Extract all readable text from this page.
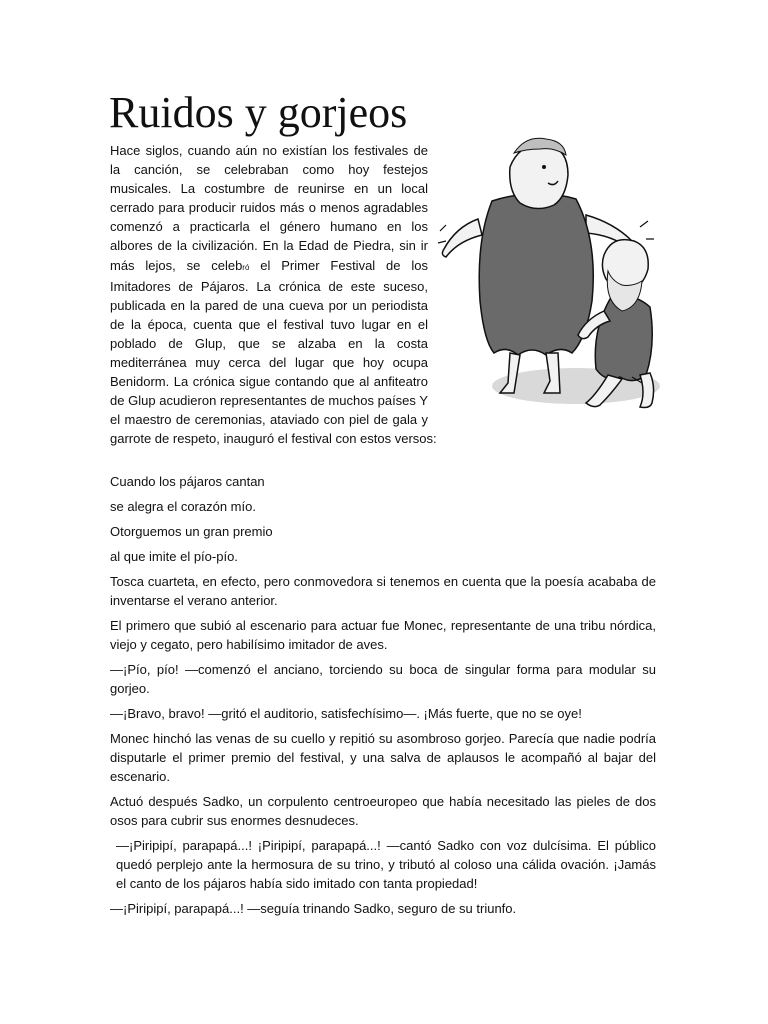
Ruidos y gorjeos

Hace siglos, cuando aún no existían los festivales de la canción, se celebraban como hoy festejos musicales. La costumbre de reunirse en un local cerrado para producir ruidos más o menos agradables comenzó a practicarla el género humano en los albores de la civilización. En la Edad de Piedra, sin ir más lejos, se celebró el Primer Festival de los Imitadores de Pájaros. La crónica de este suceso, publicada en la pared de una cueva por un periodista de la época, cuenta que el festival tuvo lugar en el poblado de Glup, que se alzaba en la costa mediterránea muy cerca del lugar que hoy ocupa Benidorm. La crónica sigue contando que al anfiteatro de Glup acudieron representantes de muchos países Y el maestro de ceremonias, ataviado con piel de gala y garrote de respeto, inauguró el festival con estos versos:

Cuando los pájaros cantan

se alegra el corazón mío.

Otorguemos un gran premio

al que imite el pío-pío.

Tosca cuarteta, en efecto, pero conmovedora si tenemos en cuenta que la poesía acababa de inventarse el verano anterior.

El primero que subió al escenario para actuar fue Monec, representante de una tribu nórdica, viejo y cegato, pero habilísimo imitador de aves.

—¡Pío, pío! —comenzó el anciano, torciendo su boca de singular forma para modular su gorjeo.

—¡Bravo, bravo! —gritó el auditorio, satisfechísimo—. ¡Más fuerte, que no se oye!

Monec hinchó las venas de su cuello y repitió su asombroso gorjeo. Parecía que nadie podría disputarle el primer premio del festival, y una salva de aplausos le acompañó al bajar del escenario.

Actuó después Sadko, un corpulento centroeuropeo que había necesitado las pieles de dos osos para cubrir sus enormes desnudeces.

—¡Piripipí, parapapá...! ¡Piripipí, parapapá...! —cantó Sadko con voz dulcísima. El público quedó perplejo ante la hermosura de su trino, y tributó al coloso una cálida ovación. ¡Jamás el canto de los pájaros había sido imitado con tanta propiedad!

—¡Piripipí, parapapá...! —seguía trinando Sadko, seguro de su triunfo.
